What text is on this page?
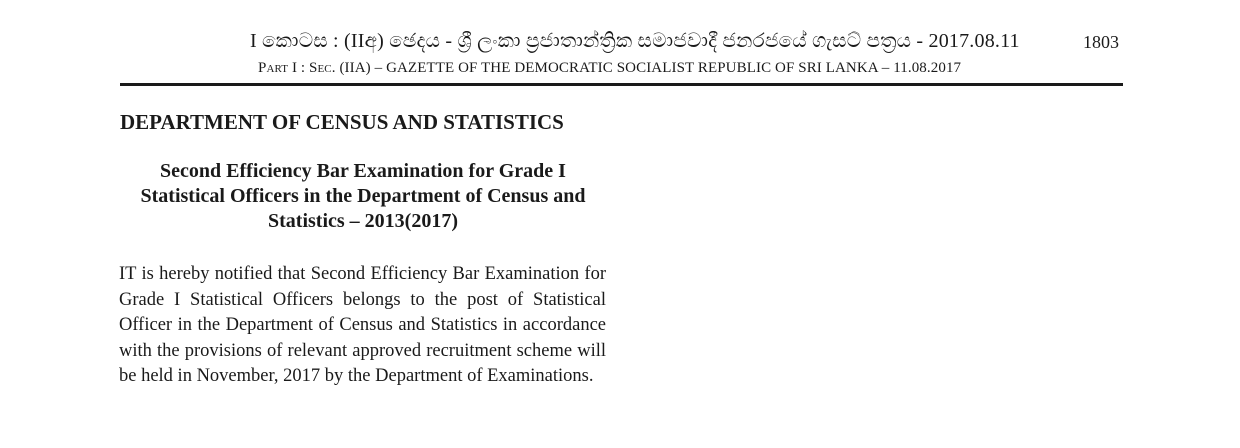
I කොටස : (IIඅ) ඡෙදය - ශ්‍රී ලංකා ප්‍රජාතාන්ත්‍රික සමාජවාදී ජනරජයේ ගැසට් පත්‍රය - 2017.08.11	1803
Part I : Sec. (IIA) – GAZETTE OF THE DEMOCRATIC SOCIALIST REPUBLIC OF SRI LANKA – 11.08.2017
DEPARTMENT OF CENSUS AND STATISTICS
Second Efficiency Bar Examination for Grade I Statistical Officers in the Department of Census and Statistics – 2013(2017)
IT is hereby notified that Second Efficiency Bar Examination for Grade I Statistical Officers belongs to the post of Statistical Officer in the Department of Census and Statistics in accordance with the provisions of relevant approved recruitment scheme will be held in November, 2017 by the Department of Examinations.
